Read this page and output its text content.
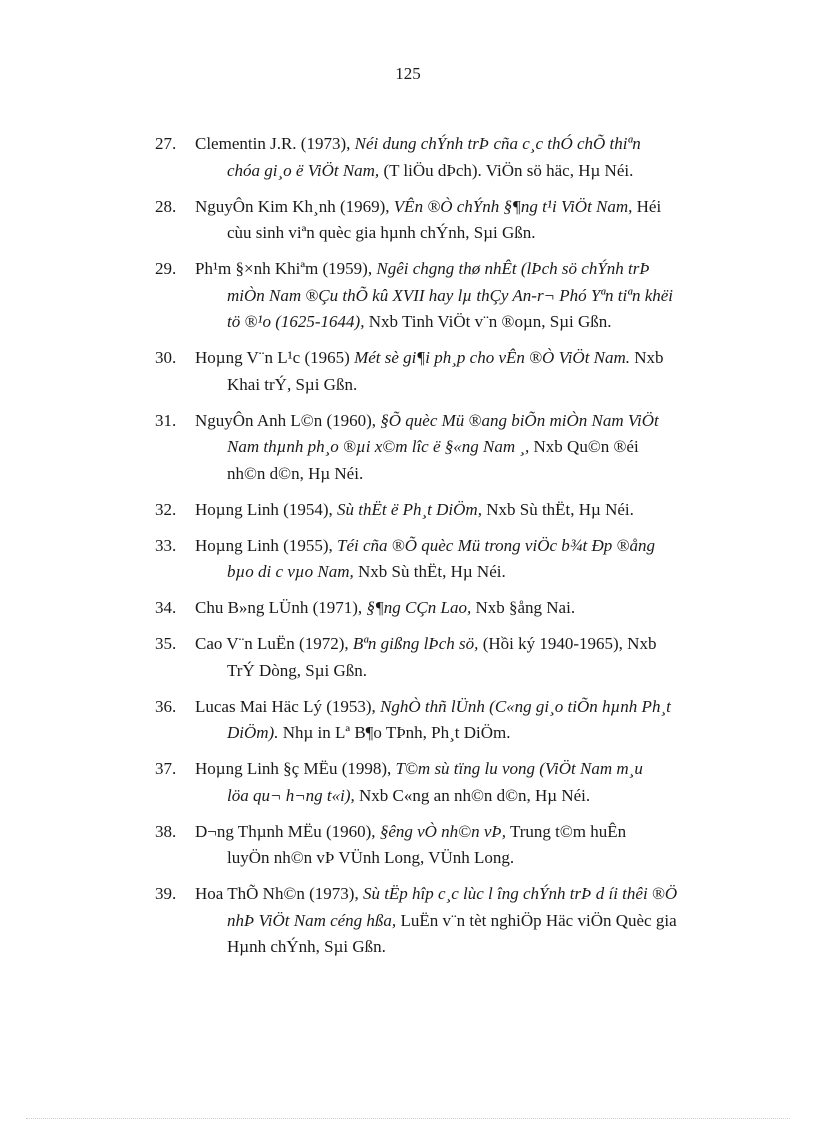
125
27. Clementin J.R. (1973), Néi dung chÝnh trÞ cña c¸c thÓ chÕ thiªn
chóa gi¸o ë ViÖt Nam, (T liÖu dÞch). ViÖn sö häc, Hµ Néi.
28. NguyÔn Kim Kh¸nh (1969), VÊn ®Ò chÝnh §¶ng t¹i ViÖt Nam, Héi
cùu sinh viªn quèc gia hµnh chÝnh, Sµi Gßn.
29. Ph¹m §×nh Khiªm (1959), Ngêi chgng thø nhÊt (lÞch sö chÝnh trÞ
miÒn Nam ®Çu thÕ kû XVII hay lµ thÇy An-r¬ Phó Yªn tiªn khëi
tö ®¹o (1625-1644), Nxb Tinh ViÖt v¨n ®oµn, Sµi Gßn.
30. Hoµng V¨n L¹c (1965) Mét sè gi¶i ph¸p cho vÊn ®Ò ViÖt Nam. Nxb
Khai trÝ, Sµi Gßn.
31. NguyÔn Anh L©n (1960), §Õ quèc Mü ®ang biÕn miÒn Nam ViÖt
Nam thµnh ph¸o ®µi x©m lîc ë §«ng Nam ¸, Nxb Qu©n ®éi
nh©n d©n, Hµ Néi.
32. Hoµng Linh (1954), Sù thËt ë Ph¸t DiÖm, Nxb Sù thËt, Hµ Néi.
33. Hoµng Linh (1955), Téi cña ®Õ quèc Mü trong viÖc b¾t Ðp ®ång
bµo di c vµo Nam, Nxb Sù thËt, Hµ Néi.
34. Chu B»ng LÜnh (1971), §¶ng CÇn Lao, Nxb §ång Nai.
35. Cao V¨n LuËn (1972), Bªn gißng lÞch sö, (Hồi ký 1940-1965), Nxb
TrÝ Dòng, Sµi Gßn.
36. Lucas Mai Häc Lý (1953), NghÒ thñ lÜnh (C«ng gi¸o tiÕn hµnh Ph¸t
DiÖm). Nhµ in Lª B¶o TÞnh, Ph¸t DiÖm.
37. Hoµng Linh §ç MËu (1998), T©m sù tïng lu vong (ViÖt Nam m¸u
löa qu¬ h¬ng t«i), Nxb C«ng an nh©n d©n, Hµ Néi.
38. D¬ng Thµnh MËu (1960), §êng vÒ nh©n vÞ, Trung t©m huÊn
luyÖn nh©n vÞ VÜnh Long, VÜnh Long.
39. Hoa ThÕ Nh©n (1973), Sù tËp hîp c¸c lùc l îng chÝnh trÞ d íi thêi ®Ö
nhÞ ViÖt Nam céng hßa, LuËn v¨n tèt nghiÖp Häc viÖn Quèc gia
Hµnh chÝnh, Sµi Gßn.
